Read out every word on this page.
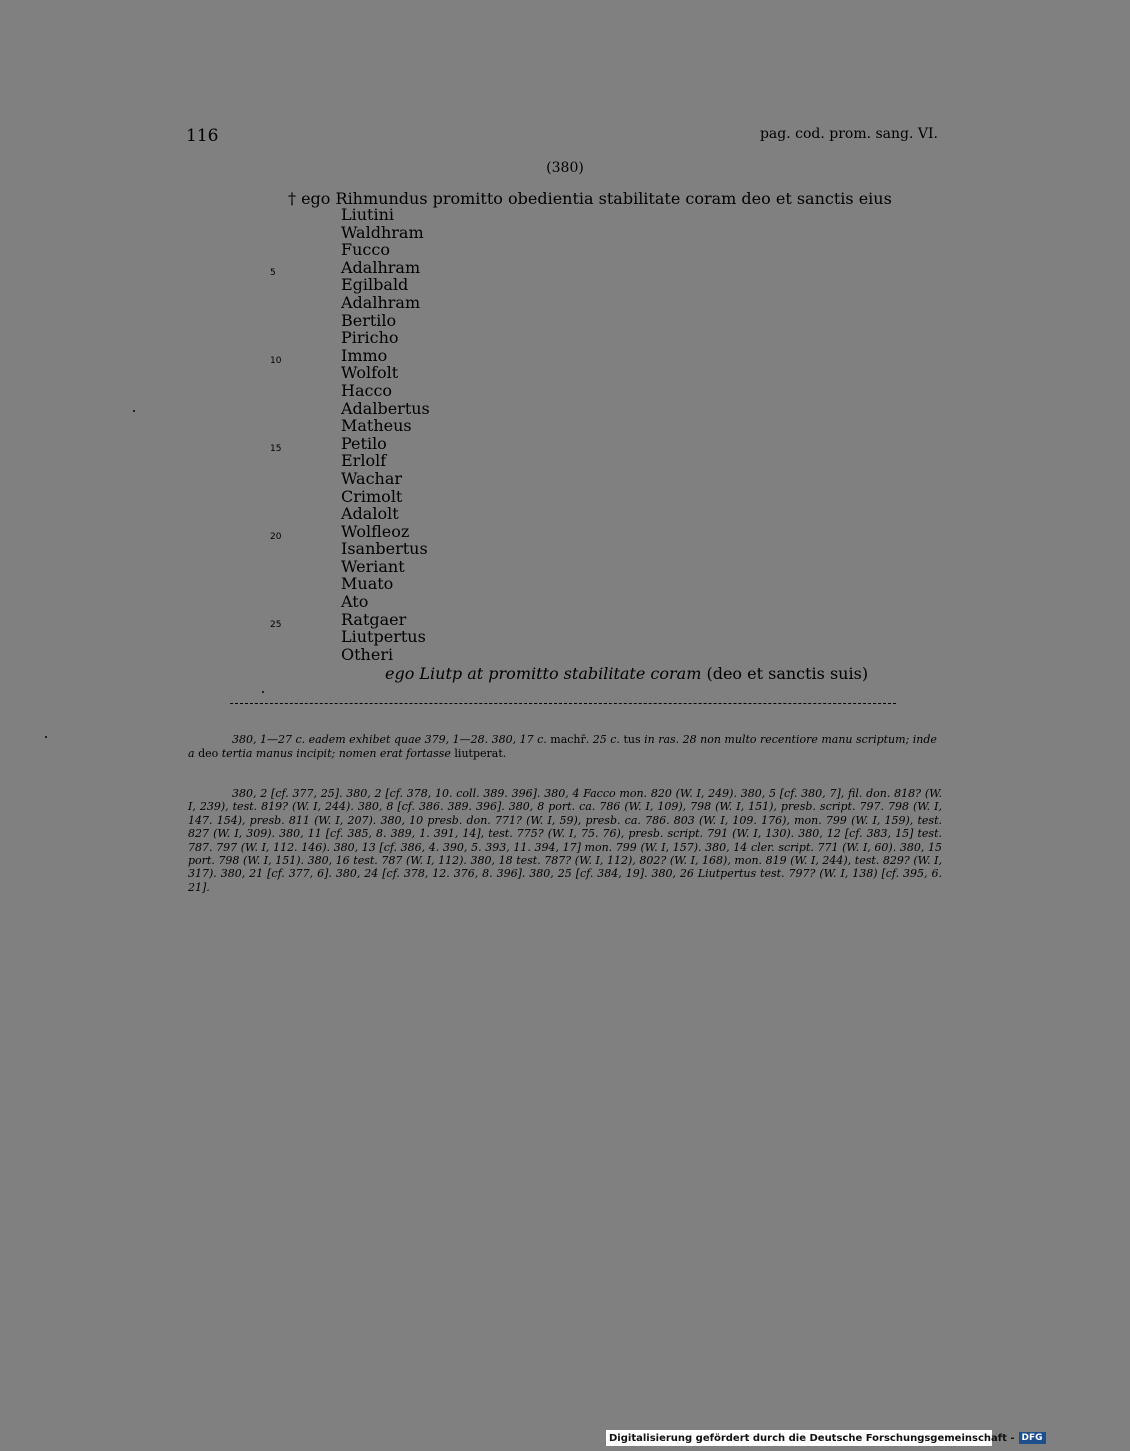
116	pag. cod. prom. sang. VI.
(380)
† ego Rihmundus promitto obedientia stabilitate coram deo et sanctis eius
Liutini
Waldhram
Fucco
Adalhram
Egilbald
Adalhram
Bertilo
Piricho
Immo
Wolfolt
Hacco
Adalbertus
Matheus
Petilo
Erlolf
Wachar
Crimolt
Adalolt
Wolfleoz
Isanbertus
Weriant
Muato
Ato
Ratgaer
Liutpertus
Otheri
5
10
15
20
25
ego Liutp at promitto stabilitate coram (deo et sanctis suis)
380, 1—27 c. eadem exhibet quae 379, 1—28. 380, 17 c. machr̄. 25 c. tus in ras. 28 non multo recentiore manu scriptum; inde a deo tertia manus incipit; nomen erat fortasse liutperat.
380, 2 [cf. 377, 25]. 380, 2 [cf. 378, 10. coll. 389. 396]. 380, 4 Facco mon. 820 (W. I, 249). 380, 5 [cf. 380, 7], fil. don. 818? (W. I, 239), test. 819? (W. I, 244). 380, 8 [cf. 386. 389. 396]. 380, 8 port. ca. 786 (W. I, 109), 798 (W. I, 151), presb. script. 797. 798 (W. I, 147. 154), presb. 811 (W. I, 207). 380, 10 presb. don. 771? (W. I, 59), presb. ca. 786. 803 (W. I, 109. 176), mon. 799 (W. I, 159), test. 827 (W. I, 309). 380, 11 [cf. 385, 8. 389, 1. 391, 14], test. 775? (W. I, 75. 76), presb. script. 791 (W. I, 130). 380, 12 [cf. 383, 15] test. 787. 797 (W. I, 112. 146). 380, 13 [cf. 386, 4. 390, 5. 393, 11. 394, 17] mon. 799 (W. I, 157). 380, 14 cler. script. 771 (W. I, 60). 380, 15 port. 798 (W. I, 151). 380, 16 test. 787 (W. I, 112). 380, 18 test. 787? (W. I, 112), 802? (W. I, 168), mon. 819 (W. I, 244), test. 829? (W. I, 317). 380, 21 [cf. 377, 6]. 380, 24 [cf. 378, 12. 376, 8. 396]. 380, 25 [cf. 384, 19]. 380, 26 Liutpertus test. 797? (W. I, 138) [cf. 395, 6. 21].
Digitalisierung gefördert durch die Deutsche Forschungsgemeinschaft - DFG
